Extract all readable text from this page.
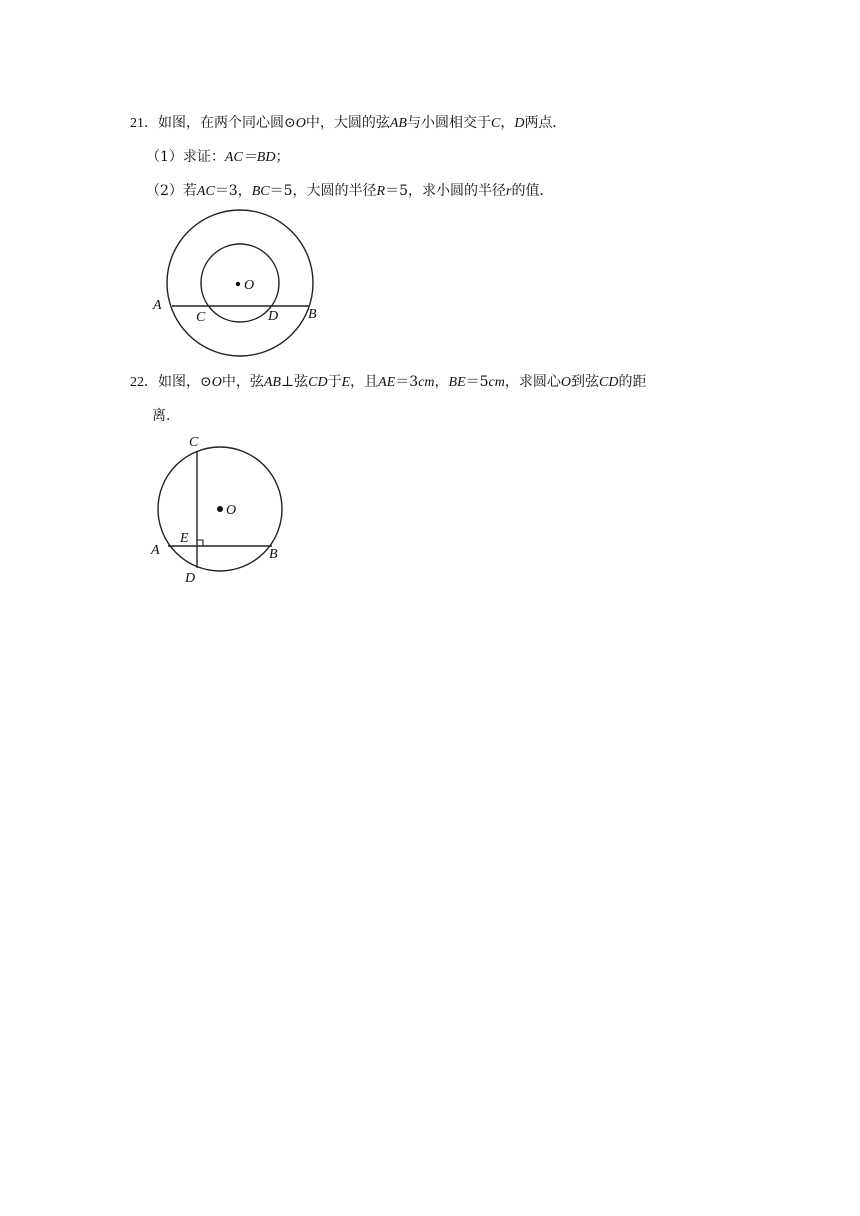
21．如图，在两个同心圆⊙O中，大圆的弦AB与小圆相交于C，D两点．
（1）求证：AC＝BD；
（2）若AC＝3，BC＝5，大圆的半径R＝5，求小圆的半径r的值．
O
A
B
C	D
22．如图，⊙O中，弦AB⊥弦CD于E，且AE＝3cm，BE＝5cm，求圆心O到弦CD的距
离．
O
C
A
E
B
D
